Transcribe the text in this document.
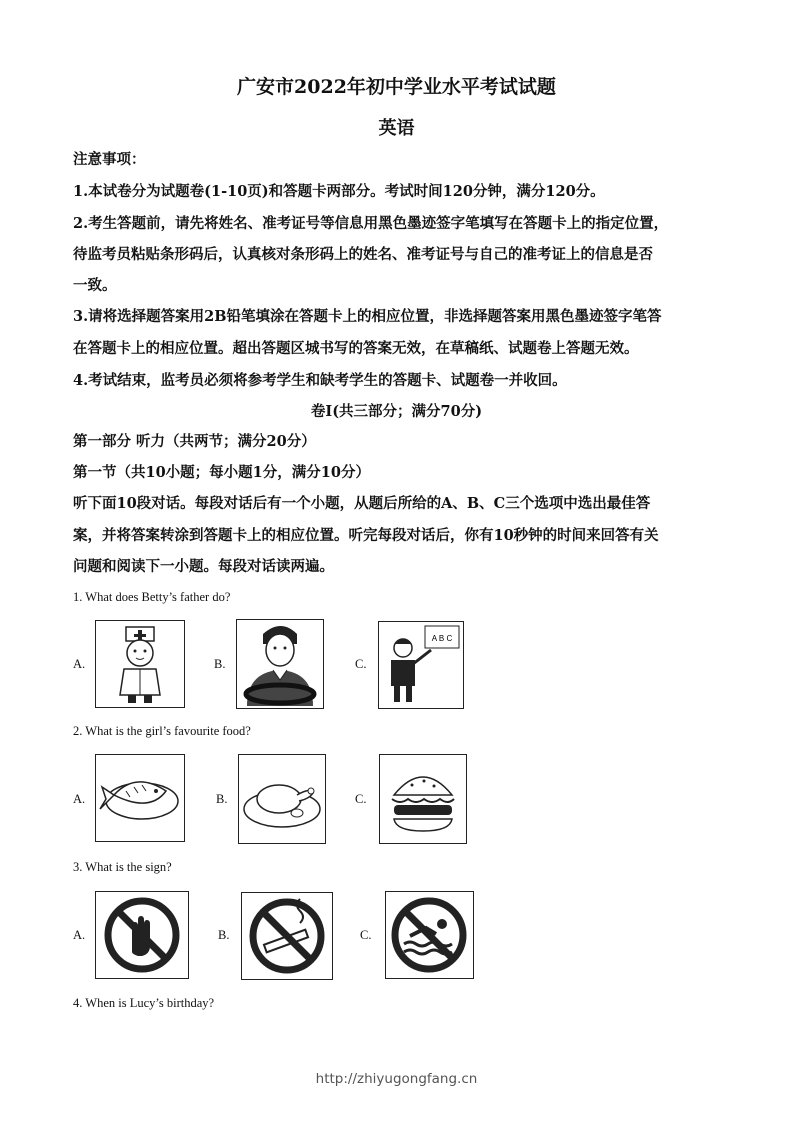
广安市2022年初中学业水平考试试题
英语
注意事项：
1.本试卷分为试题卷(1-10页)和答题卡两部分。考试时间120分钟，满分120分。
2.考生答题前，请先将姓名、准考证号等信息用黑色墨迹签字笔填写在答题卡上的指定位置，
待监考员粘贴条形码后，认真核对条形码上的姓名、准考证号与自己的准考证上的信息是否
一致。
3.请将选择题答案用2B铅笔填涂在答题卡上的相应位置，非选择题答案用黑色墨迹签字笔答
在答题卡上的相应位置。超出答题区城书写的答案无效，在草稿纸、试题卷上答题无效。
4.考试结束，监考员必须将参考学生和缺考学生的答题卡、试题卷一并收回。
卷Ⅰ(共三部分；满分70分)
第一部分 听力（共两节；满分20分）
第一节（共10小题；每小题1分，满分10分）
听下面10段对话。每段对话后有一个小题，从题后所给的A、B、C三个选项中选出最佳答
案，并将答案转涂到答题卡上的相应位置。听完每段对话后，你有10秒钟的时间来回答有关
问题和阅读下一小题。每段对话读两遍。
1. What does Betty’s father do?
A.	B.	C.
A B C
2. What is the girl’s favourite food?
A.	B.	C.
3. What is the sign?
A.	B.	C.
4. When is Lucy’s birthday?
http://zhiyugongfang.cn
